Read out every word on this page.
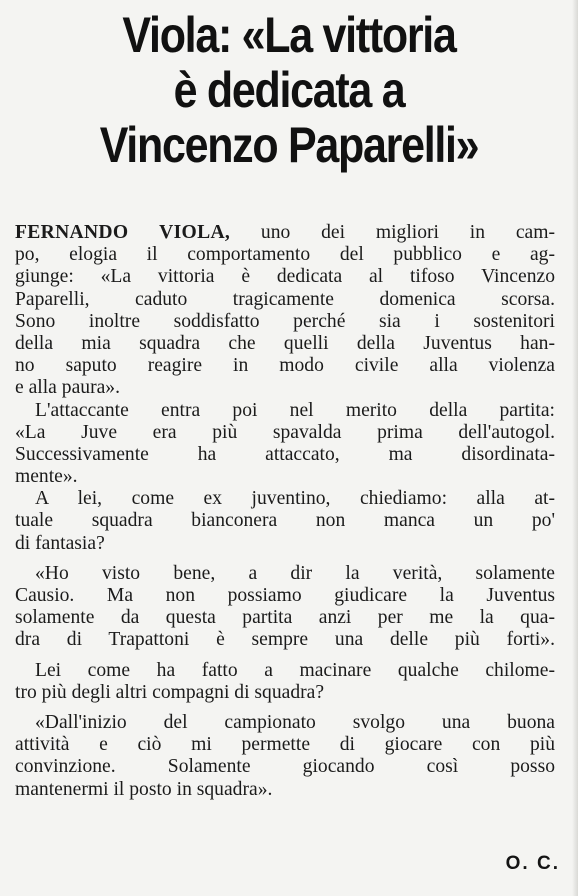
Viola: «La vittoria
è dedicata a
Vincenzo Paparelli»
FERNANDO VIOLA, uno dei migliori in cam-
po, elogia il comportamento del pubblico e ag-
giunge: «La vittoria è dedicata al tifoso Vincenzo
Paparelli, caduto tragicamente domenica scorsa.
Sono inoltre soddisfatto perché sia i sostenitori
della mia squadra che quelli della Juventus han-
no saputo reagire in modo civile alla violenza
e alla paura».
L'attaccante entra poi nel merito della partita:
«La Juve era più spavalda prima dell'autogol.
Successivamente ha attaccato, ma disordinata-
mente».
A lei, come ex juventino, chiediamo: alla at-
tuale squadra bianconera non manca un po'
di fantasia?
«Ho visto bene, a dir la verità, solamente
Causio. Ma non possiamo giudicare la Juventus
solamente da questa partita anzi per me la qua-
dra di Trapattoni è sempre una delle più forti».
Lei come ha fatto a macinare qualche chilome-
tro più degli altri compagni di squadra?
«Dall'inizio del campionato svolgo una buona
attività e ciò mi permette di giocare con più
convinzione. Solamente giocando così posso
mantenermi il posto in squadra».
O. C.
